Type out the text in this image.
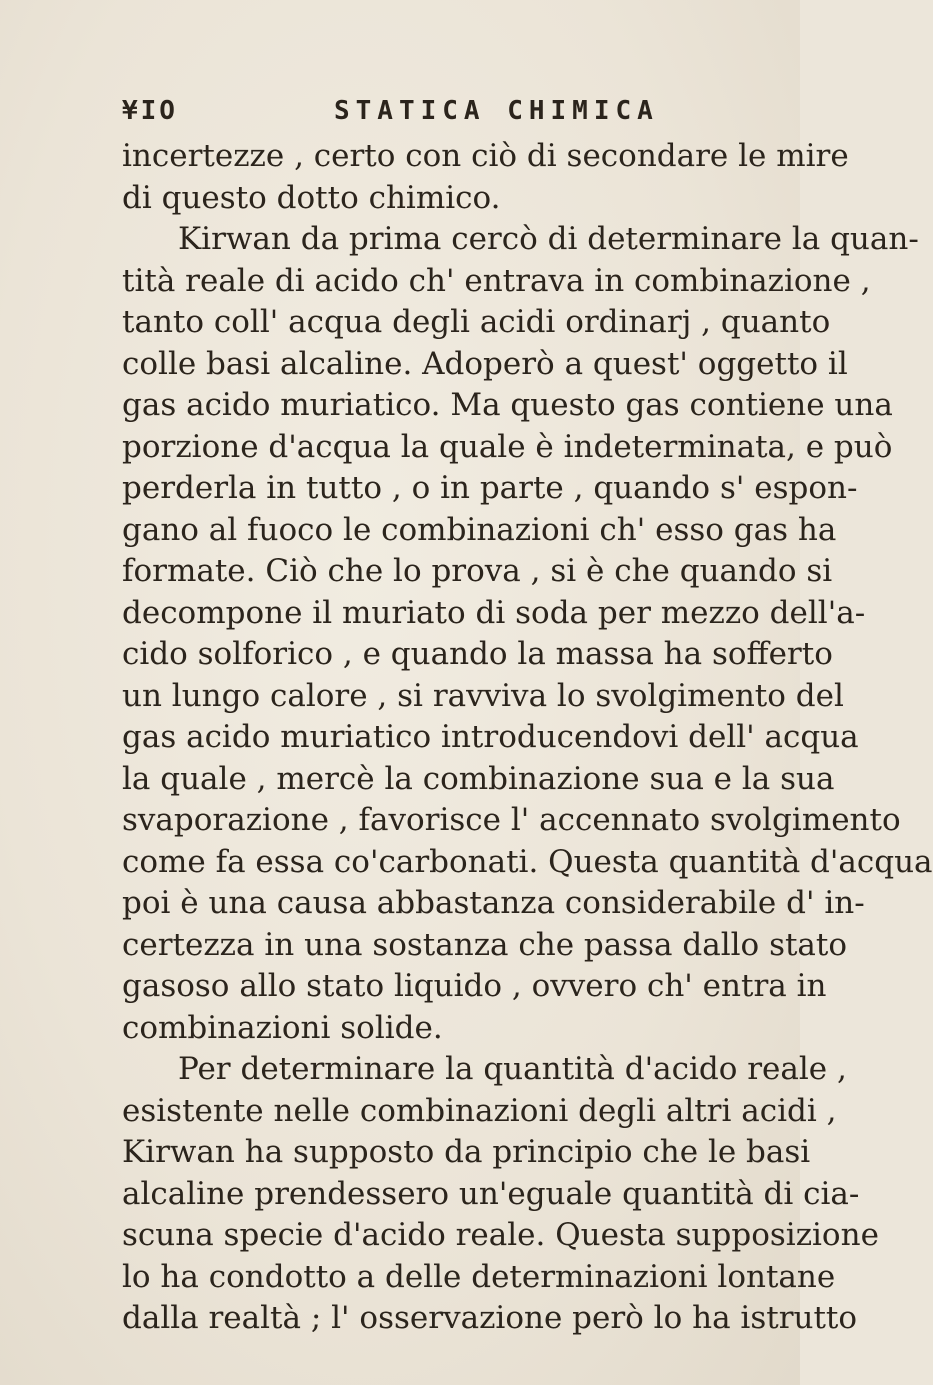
¥IO	STATICA CHIMICA
incertezze , certo con ciò di secondare le mire
di questo dotto chimico.
Kirwan da prima cercò di determinare la quan-
tità reale di acido ch' entrava in combinazione ,
tanto coll' acqua degli acidi ordinarj , quanto
colle basi alcaline. Adoperò a quest' oggetto il
gas acido muriatico. Ma questo gas contiene una
porzione d'acqua la quale è indeterminata, e può
perderla in tutto , o in parte , quando s' espon-
gano al fuoco le combinazioni ch' esso gas ha
formate. Ciò che lo prova , si è che quando si
decompone il muriato di soda per mezzo dell'a-
cido solforico , e quando la massa ha sofferto
un lungo calore , si ravviva lo svolgimento del
gas acido muriatico introducendovi dell' acqua
la quale , mercè la combinazione sua e la sua
svaporazione , favorisce l' accennato svolgimento
come fa essa co'carbonati. Questa quantità d'acqua
poi è una causa abbastanza considerabile d' in-
certezza in una sostanza che passa dallo stato
gasoso allo stato liquido , ovvero ch' entra in
combinazioni solide.
Per determinare la quantità d'acido reale ,
esistente nelle combinazioni degli altri acidi ,
Kirwan ha supposto da principio che le basi
alcaline prendessero un'eguale quantità di cia-
scuna specie d'acido reale. Questa supposizione
lo ha condotto a delle determinazioni lontane
dalla realtà ; l' osservazione però lo ha istrutto
